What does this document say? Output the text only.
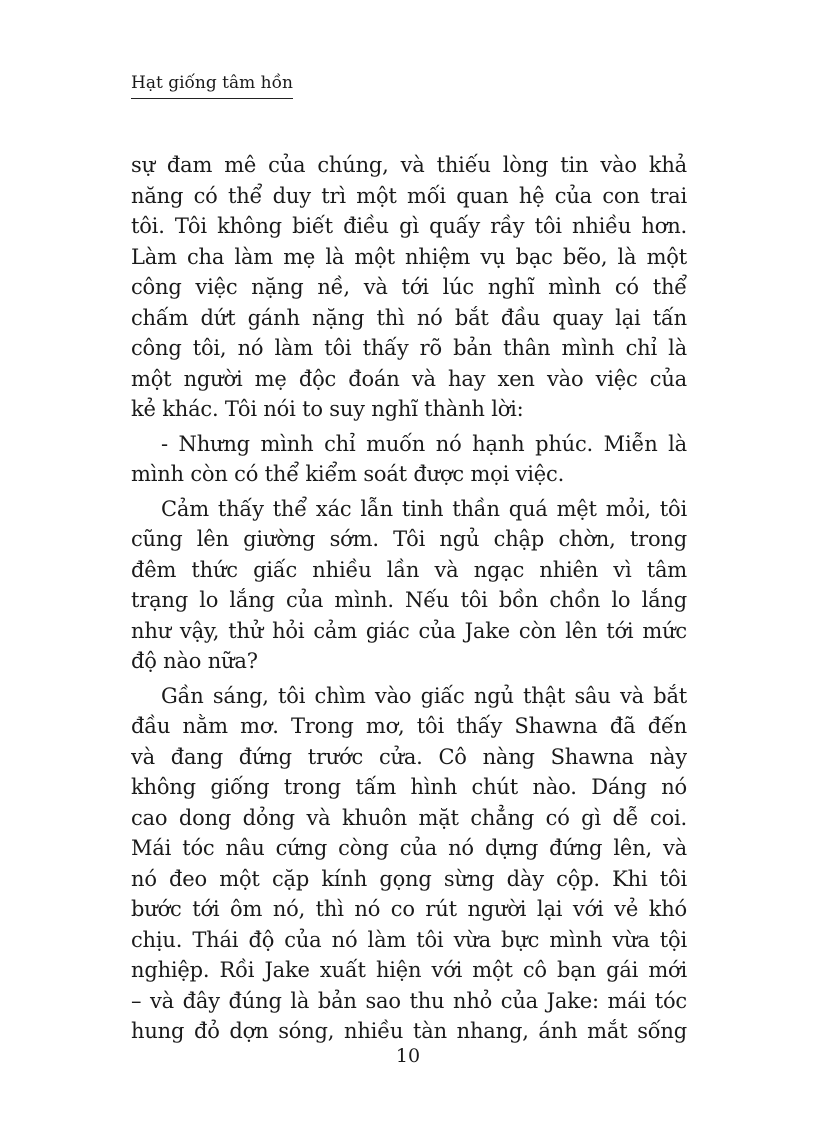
Hạt giống tâm hồn
sự đam mê của chúng, và thiếu lòng tin vào khả
năng có thể duy trì một mối quan hệ của con trai
tôi. Tôi không biết điều gì quấy rầy tôi nhiều hơn.
Làm cha làm mẹ là một nhiệm vụ bạc bẽo, là một
công việc nặng nề, và tới lúc nghĩ mình có thể
chấm dứt gánh nặng thì nó bắt đầu quay lại tấn
công tôi, nó làm tôi thấy rõ bản thân mình chỉ là
một người mẹ độc đoán và hay xen vào việc của
kẻ khác. Tôi nói to suy nghĩ thành lời:
- Nhưng mình chỉ muốn nó hạnh phúc. Miễn là
mình còn có thể kiểm soát được mọi việc.
Cảm thấy thể xác lẫn tinh thần quá mệt mỏi, tôi
cũng lên giường sớm. Tôi ngủ chập chờn, trong
đêm thức giấc nhiều lần và ngạc nhiên vì tâm
trạng lo lắng của mình. Nếu tôi bồn chồn lo lắng
như vậy, thử hỏi cảm giác của Jake còn lên tới mức
độ nào nữa?
Gần sáng, tôi chìm vào giấc ngủ thật sâu và bắt
đầu nằm mơ. Trong mơ, tôi thấy Shawna đã đến
và đang đứng trước cửa. Cô nàng Shawna này
không giống trong tấm hình chút nào. Dáng nó
cao dong dỏng và khuôn mặt chẳng có gì dễ coi.
Mái tóc nâu cứng còng của nó dựng đứng lên, và
nó đeo một cặp kính gọng sừng dày cộp. Khi tôi
bước tới ôm nó, thì nó co rút người lại với vẻ khó
chịu. Thái độ của nó làm tôi vừa bực mình vừa tội
nghiệp. Rồi Jake xuất hiện với một cô bạn gái mới
– và đây đúng là bản sao thu nhỏ của Jake: mái tóc
hung đỏ dợn sóng, nhiều tàn nhang, ánh mắt sống
10
